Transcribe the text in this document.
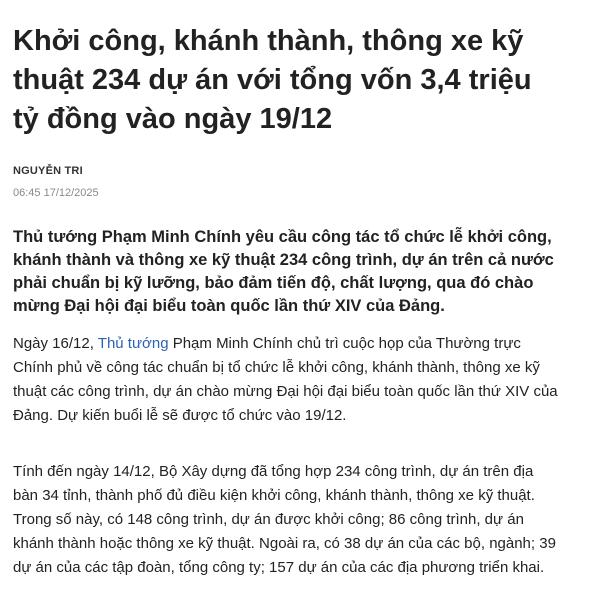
Khởi công, khánh thành, thông xe kỹ
thuật 234 dự án với tổng vốn 3,4 triệu
tỷ đồng vào ngày 19/12
NGUYỄN TRI
06:45 17/12/2025

Thủ tướng Phạm Minh Chính yêu cầu công tác tổ chức lễ khởi công,
khánh thành và thông xe kỹ thuật 234 công trình, dự án trên cả nước
phải chuẩn bị kỹ lưỡng, bảo đảm tiến độ, chất lượng, qua đó chào
mừng Đại hội đại biểu toàn quốc lần thứ XIV của Đảng.

Ngày 16/12, Thủ tướng Phạm Minh Chính chủ trì cuộc họp của Thường trực
Chính phủ về công tác chuẩn bị tổ chức lễ khởi công, khánh thành, thông xe kỹ
thuật các công trình, dự án chào mừng Đại hội đại biểu toàn quốc lần thứ XIV của
Đảng. Dự kiến buổi lễ sẽ được tổ chức vào 19/12.

Tính đến ngày 14/12, Bộ Xây dựng đã tổng hợp 234 công trình, dự án trên địa
bàn 34 tỉnh, thành phố đủ điều kiện khởi công, khánh thành, thông xe kỹ thuật.
Trong số này, có 148 công trình, dự án được khởi công; 86 công trình, dự án
khánh thành hoặc thông xe kỹ thuật. Ngoài ra, có 38 dự án của các bộ, ngành; 39
dự án của các tập đoàn, tổng công ty; 157 dự án của các địa phương triển khai.
